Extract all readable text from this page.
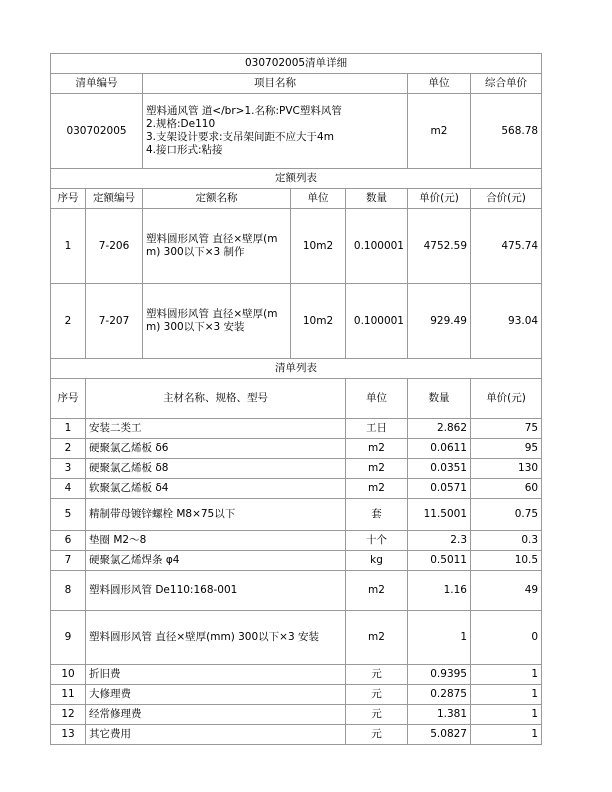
030702005清单详细							
清单编号		项目名称			单位	综合单价	
030702005		塑料通风管 道</br>1.名称:PVC塑料风管
2.规格:De110
3.支架设计要求:支吊架间距不应大于4m
4.接口形式:粘接			m2	568.78	
定额列表							
序号	定额编号	定额名称	单位	数量	单价(元)	合价(元)	
1	7-206	塑料圆形风管 直径×壁厚(mm) 300以下×3 制作	10m2	0.100001	4752.59	475.74	
2	7-207	塑料圆形风管 直径×壁厚(mm) 300以下×3 安装	10m2	0.100001	929.49	93.04	
清单列表							
序号	主材名称、规格、型号			单位	数量	单价(元)	
1	安装二类工			工日	2.862	75	
2	硬聚氯乙烯板 δ6			m2	0.0611	95	
3	硬聚氯乙烯板 δ8			m2	0.0351	130	
4	软聚氯乙烯板 δ4			m2	0.0571	60	
5	精制带母镀锌螺栓 M8×75以下			套	11.5001	0.75	
6	垫圈 M2～8			十个	2.3	0.3	
7	硬聚氯乙烯焊条 φ4			kg	0.5011	10.5	
8	塑料圆形风管 De110:168-001			m2	1.16	49	
9	塑料圆形风管 直径×壁厚(mm) 300以下×3 安装			m2	1	0	
10	折旧费			元	0.9395	1	
11	大修理费			元	0.2875	1	
12	经常修理费			元	1.381	1	
13	其它费用			元	5.0827	1	
